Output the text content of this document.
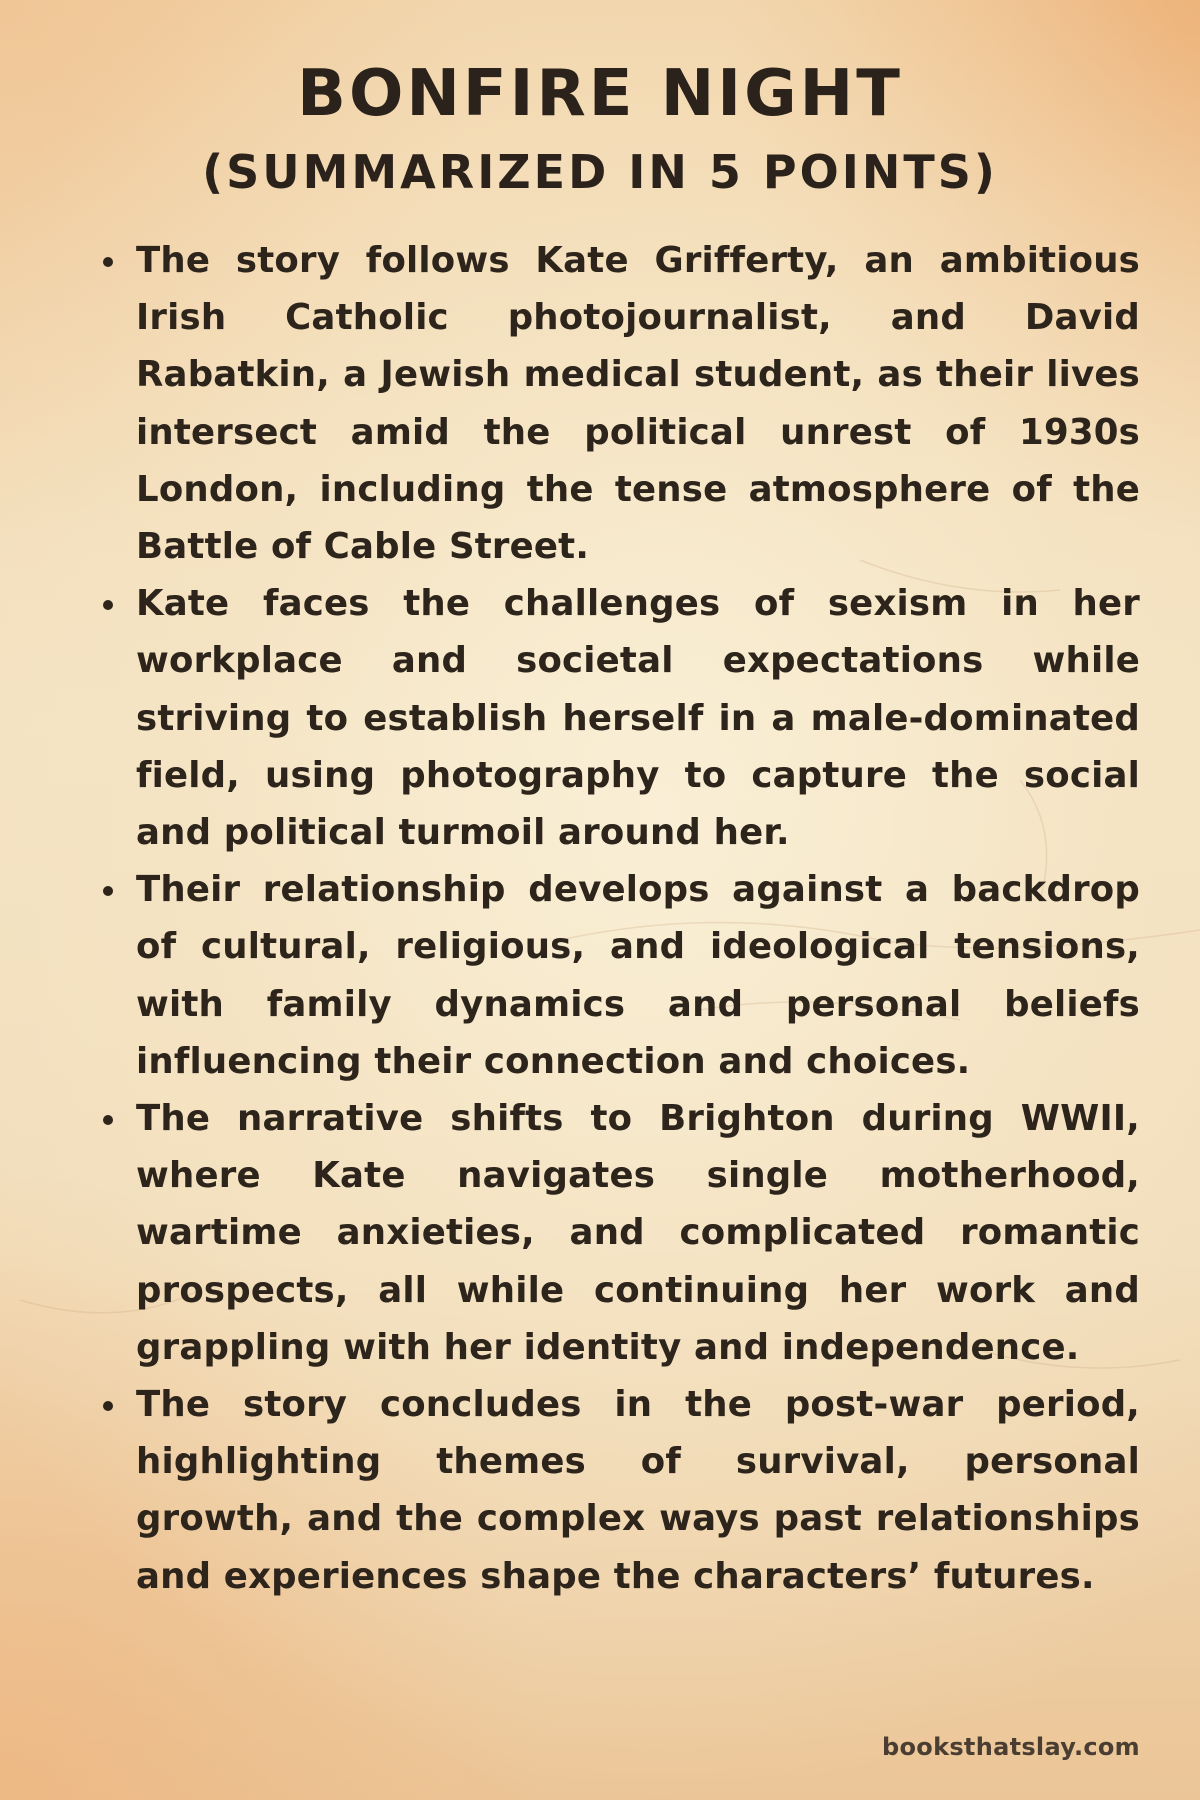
BONFIRE NIGHT
(SUMMARIZED IN 5 POINTS)
The story follows Kate Grifferty, an ambitious Irish Catholic photojournalist, and David Rabatkin, a Jewish medical student, as their lives intersect amid the political unrest of 1930s London, including the tense atmosphere of the Battle of Cable Street.
Kate faces the challenges of sexism in her workplace and societal expectations while striving to establish herself in a male-dominated field, using photography to capture the social and political turmoil around her.
Their relationship develops against a backdrop of cultural, religious, and ideological tensions, with family dynamics and personal beliefs influencing their connection and choices.
The narrative shifts to Brighton during WWII, where Kate navigates single motherhood, wartime anxieties, and complicated romantic prospects, all while continuing her work and grappling with her identity and independence.
The story concludes in the post-war period, highlighting themes of survival, personal growth, and the complex ways past relationships and experiences shape the characters’ futures.
booksthatslay.com
